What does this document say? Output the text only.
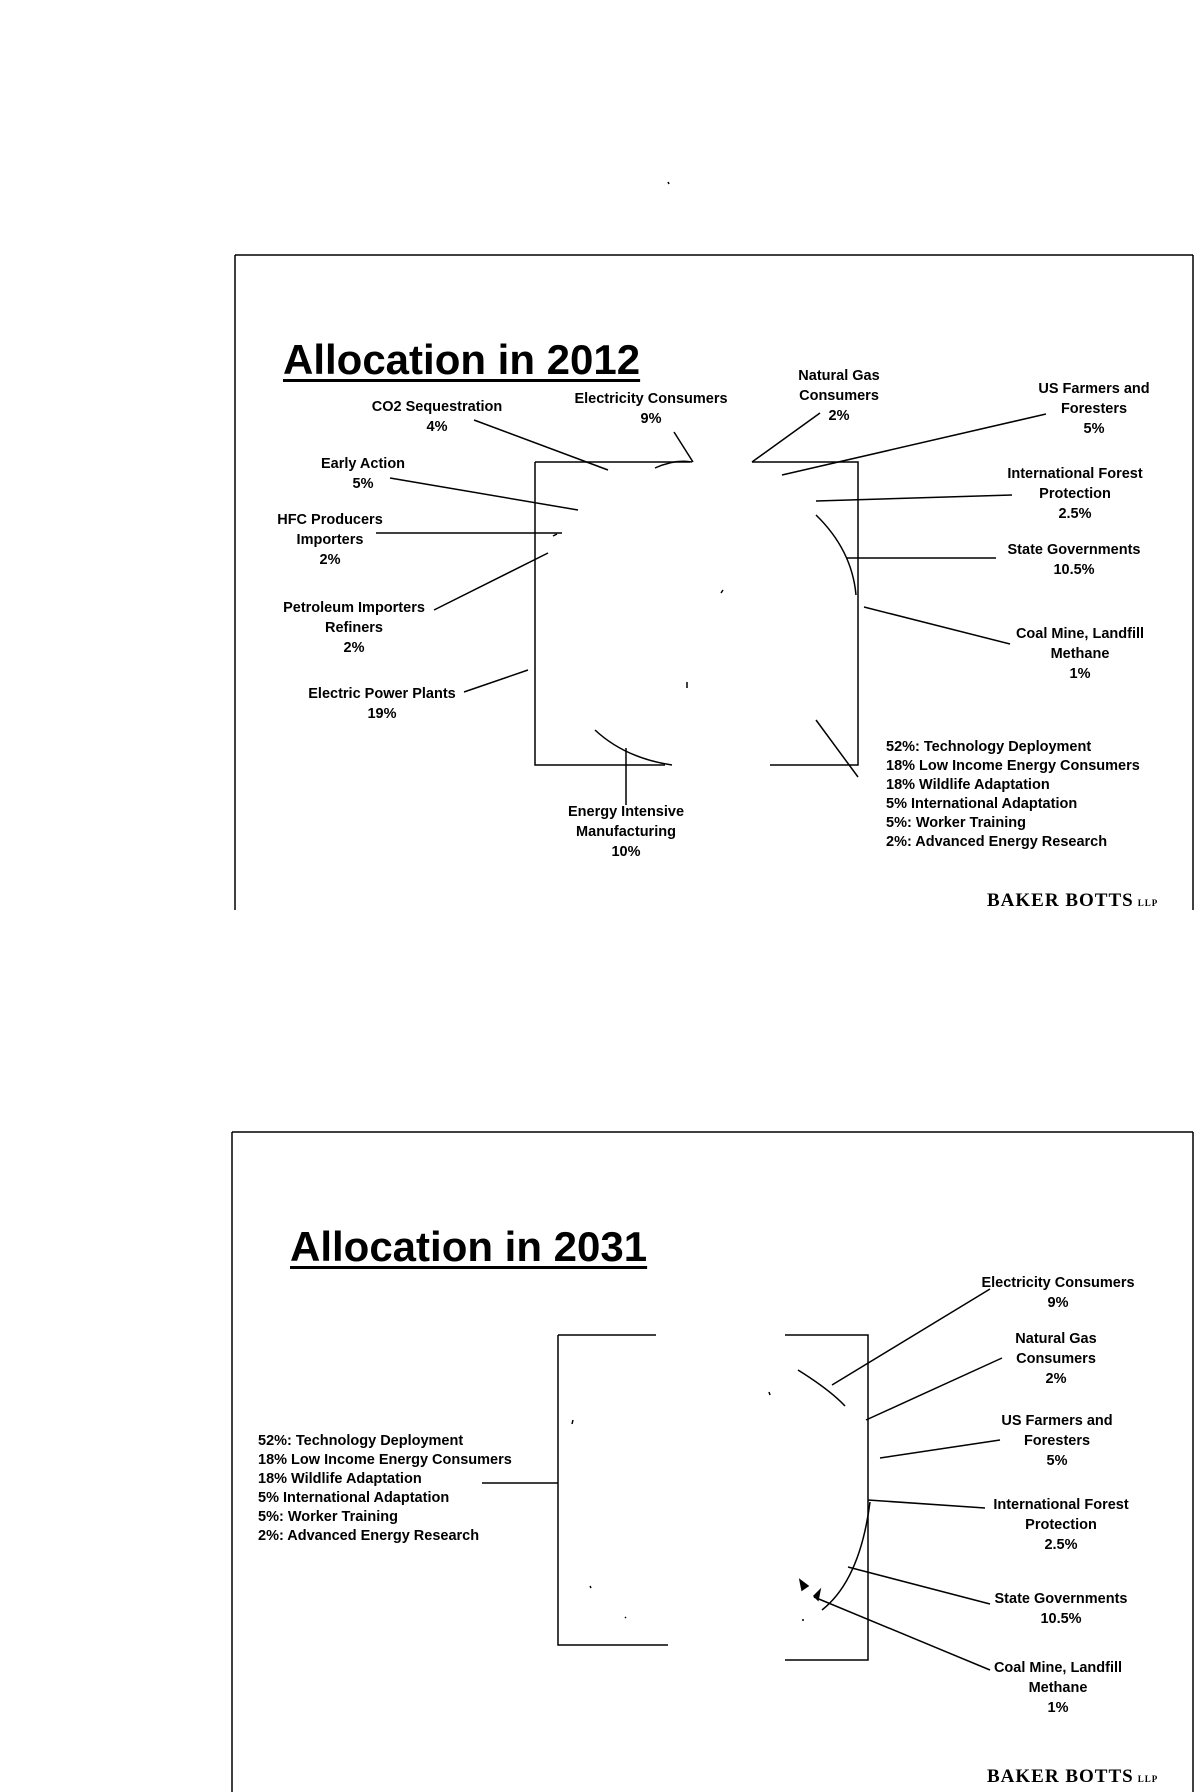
Allocation in 2012
CO2 Sequestration
4%
Electricity Consumers
9%
Natural Gas
Consumers
2%
US Farmers and
Foresters
5%
Early Action
5%
International Forest
Protection
2.5%
HFC Producers
Importers
2%
State Governments
10.5%
Petroleum Importers
Refiners
2%
Coal Mine, Landfill
Methane
1%
Electric Power Plants
19%
Energy Intensive
Manufacturing
10%
52%: Technology Deployment
18% Low Income Energy Consumers
18% Wildlife Adaptation
5% International Adaptation
5%: Worker Training
2%: Advanced Energy Research
BAKER BOTTS LLP
Allocation in 2031
Electricity Consumers
9%
Natural Gas
Consumers
2%
US Farmers and
Foresters
5%
International Forest
Protection
2.5%
State Governments
10.5%
Coal Mine, Landfill
Methane
1%
52%: Technology Deployment
18% Low Income Energy Consumers
18% Wildlife Adaptation
5% International Adaptation
5%: Worker Training
2%: Advanced Energy Research
BAKER BOTTS LLP
